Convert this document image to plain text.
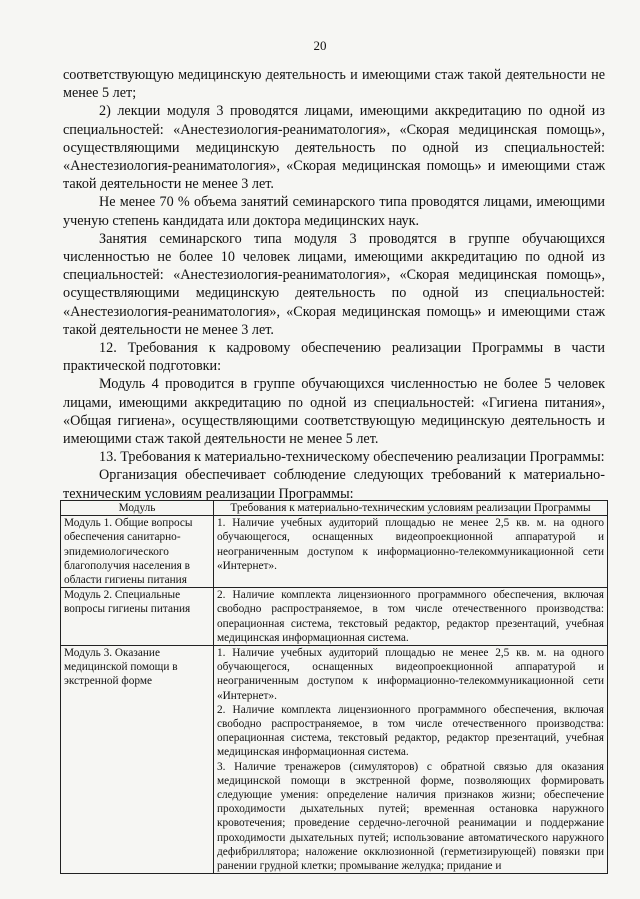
20

соответствующую медицинскую деятельность и имеющими стаж такой деятельности не менее 5 лет;

2) лекции модуля 3 проводятся лицами, имеющими аккредитацию по одной из специальностей: «Анестезиология-реаниматология», «Скорая медицинская помощь», осуществляющими медицинскую деятельность по одной из специальностей: «Анестезиология-реаниматология», «Скорая медицинская помощь» и имеющими стаж такой деятельности не менее 3 лет.

Не менее 70 % объема занятий семинарского типа проводятся лицами, имеющими ученую степень кандидата или доктора медицинских наук.

Занятия семинарского типа модуля 3 проводятся в группе обучающихся численностью не более 10 человек лицами, имеющими аккредитацию по одной из специальностей: «Анестезиология-реаниматология», «Скорая медицинская помощь», осуществляющими медицинскую деятельность по одной из специальностей: «Анестезиология-реаниматология», «Скорая медицинская помощь» и имеющими стаж такой деятельности не менее 3 лет.

12. Требования к кадровому обеспечению реализации Программы в части практической подготовки:

Модуль 4 проводится в группе обучающихся численностью не более 5 человек лицами, имеющими аккредитацию по одной из специальностей: «Гигиена питания», «Общая гигиена», осуществляющими соответствующую медицинскую деятельность и имеющими стаж такой деятельности не менее 5 лет.

13. Требования к материально-техническому обеспечению реализации Программы:

Организация обеспечивает соблюдение следующих требований к материально-техническим условиям реализации Программы:

Модуль	Требования к материально-техническим условиям реализации Программы
Модуль 1. Общие вопросы обеспечения санитарно-эпидемиологического благополучия населения в области гигиены питания	1. Наличие учебных аудиторий площадью не менее 2,5 кв. м. на одного обучающегося, оснащенных видеопроекционной аппаратурой и неограниченным доступом к информационно-телекоммуникационной сети «Интернет».

Модуль 2. Специальные вопросы гигиены питания	2. Наличие комплекта лицензионного программного обеспечения, включая свободно распространяемое, в том числе отечественного производства: операционная система, текстовый редактор, редактор презентаций, учебная медицинская информационная система.

Модуль 3. Оказание медицинской помощи в экстренной форме	1. Наличие учебных аудиторий площадью не менее 2,5 кв. м. на одного обучающегося, оснащенных видеопроекционной аппаратурой и неограниченным доступом к информационно-телекоммуникационной сети «Интернет».

2. Наличие комплекта лицензионного программного обеспечения, включая свободно распространяемое, в том числе отечественного производства: операционная система, текстовый редактор, редактор презентаций, учебная медицинская информационная система.

3. Наличие тренажеров (симуляторов) с обратной связью для оказания медицинской помощи в экстренной форме, позволяющих формировать следующие умения: определение наличия признаков жизни; обеспечение проходимости дыхательных путей; временная остановка наружного кровотечения; проведение сердечно-легочной реанимации и поддержание проходимости дыхательных путей; использование автоматического наружного дефибриллятора; наложение окклюзионной (герметизирующей) повязки при ранении грудной клетки; промывание желудка; придание и
